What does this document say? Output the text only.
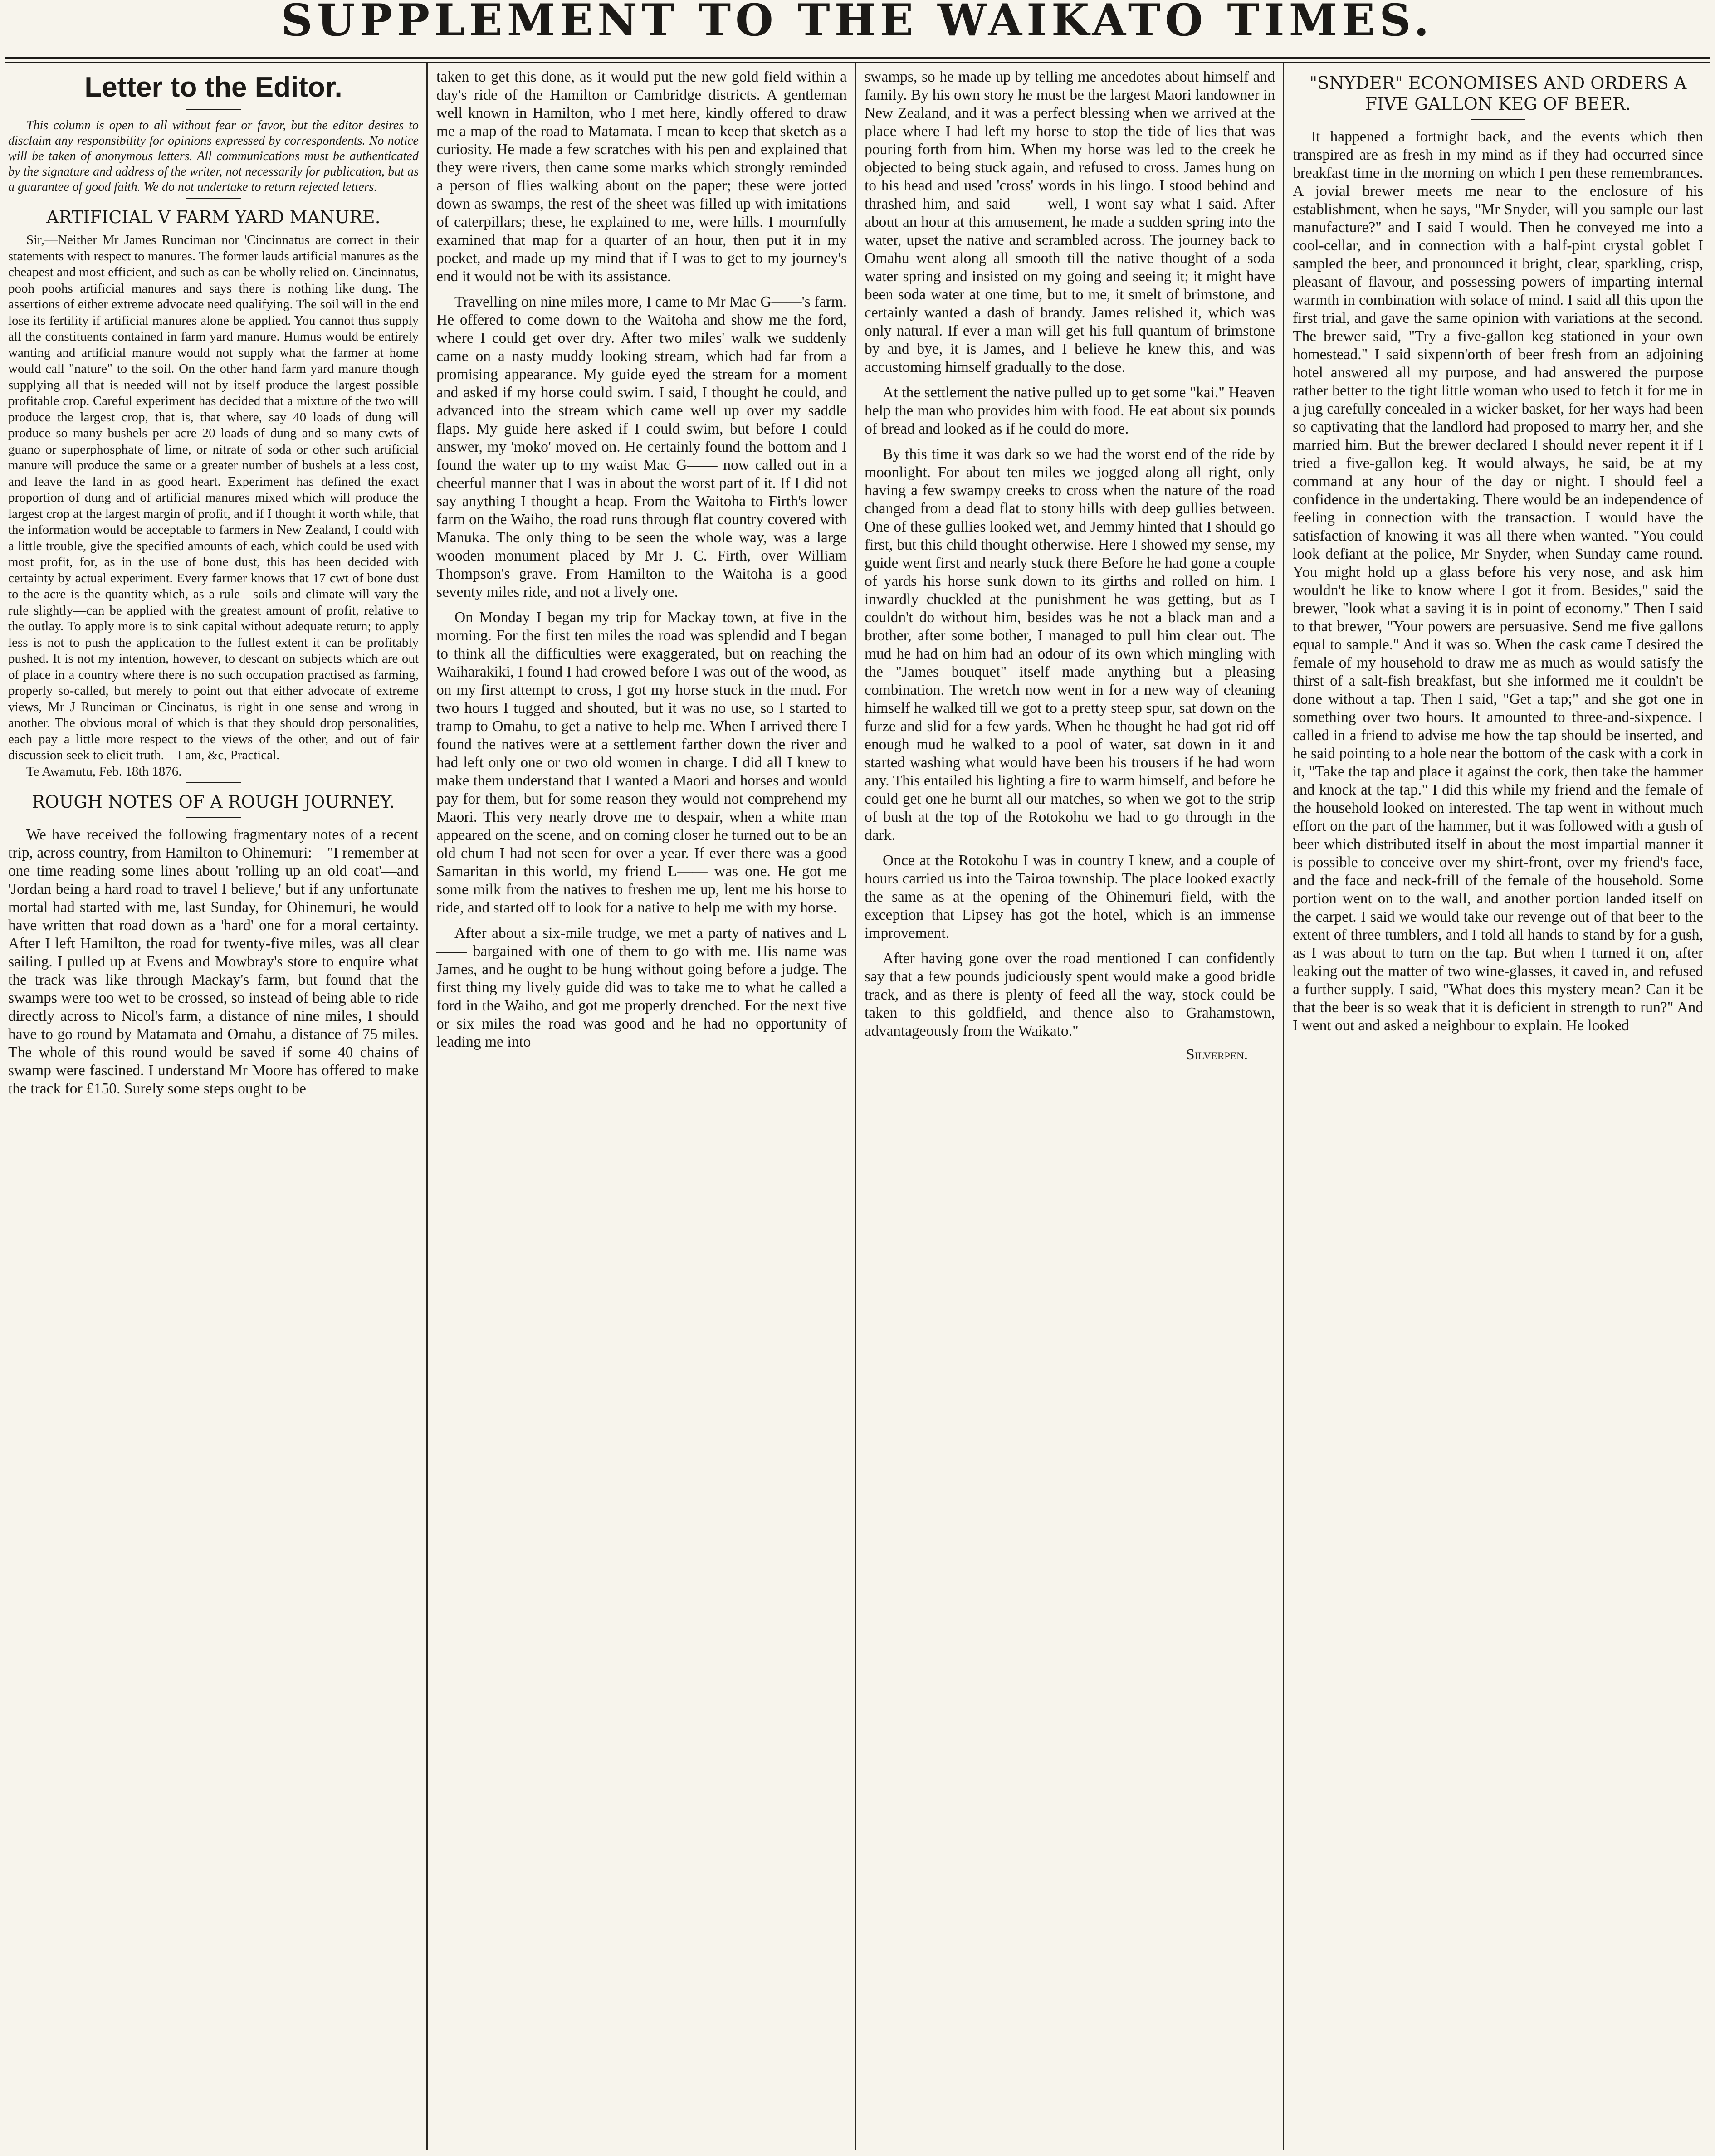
SUPPLEMENT TO THE WAIKATO TIMES.
Letter to the Editor.

This column is open to all without fear or favor, but the editor desires to disclaim any responsibility for opinions expressed by correspondents. No notice will be taken of anonymous letters. All communications must be authenticated by the signature and address of the writer, not necessarily for publication, but as a guarantee of good faith. We do not undertake to return rejected letters.

ARTIFICIAL V FARM YARD MANURE.

Sir,—Neither Mr James Runciman nor 'Cincinnatus are correct in their statements with respect to manures. The former lauds artificial manures as the cheapest and most efficient, and such as can be wholly relied on. Cincinnatus, pooh poohs artificial manures and says there is nothing like dung. The assertions of either extreme advocate need qualifying. The soil will in the end lose its fertility if artificial manures alone be applied. You cannot thus supply all the constituents contained in farm yard manure. Humus would be entirely wanting and artificial manure would not supply what the farmer at home would call "nature" to the soil. On the other hand farm yard manure though supplying all that is needed will not by itself produce the largest possible profitable crop. Careful experiment has decided that a mixture of the two will produce the largest crop, that is, that where, say 40 loads of dung will produce so many bushels per acre 20 loads of dung and so many cwts of guano or superphosphate of lime, or nitrate of soda or other such artificial manure will produce the same or a greater number of bushels at a less cost, and leave the land in as good heart. Experiment has defined the exact proportion of dung and of artificial manures mixed which will produce the largest crop at the largest margin of profit, and if I thought it worth while, that the information would be acceptable to farmers in New Zealand, I could with a little trouble, give the specified amounts of each, which could be used with most profit, for, as in the use of bone dust, this has been decided with certainty by actual experiment. Every farmer knows that 17 cwt of bone dust to the acre is the quantity which, as a rule—soils and climate will vary the rule slightly—can be applied with the greatest amount of profit, relative to the outlay. To apply more is to sink capital without adequate return; to apply less is not to push the application to the fullest extent it can be profitably pushed. It is not my intention, however, to descant on subjects which are out of place in a country where there is no such occupation practised as farming, properly so-called, but merely to point out that either advocate of extreme views, Mr J Runciman or Cincinatus, is right in one sense and wrong in another. The obvious moral of which is that they should drop personalities, each pay a little more respect to the views of the other, and out of fair discussion seek to elicit truth.—I am, &c, Practical.

Te Awamutu, Feb. 18th 1876.

ROUGH NOTES OF A ROUGH JOURNEY.

We have received the following fragmentary notes of a recent trip, across country, from Hamilton to Ohinemuri:—"I remember at one time reading some lines about 'rolling up an old coat'—and 'Jordan being a hard road to travel I believe,' but if any unfortunate mortal had started with me, last Sunday, for Ohinemuri, he would have written that road down as a 'hard' one for a moral certainty. After I left Hamilton, the road for twenty-five miles, was all clear sailing. I pulled up at Evens and Mowbray's store to enquire what the track was like through Mackay's farm, but found that the swamps were too wet to be crossed, so instead of being able to ride directly across to Nicol's farm, a distance of nine miles, I should have to go round by Matamata and Omahu, a distance of 75 miles. The whole of this round would be saved if some 40 chains of swamp were fascined. I understand Mr Moore has offered to make the track for £150. Surely some steps ought to be

taken to get this done, as it would put the new gold field within a day's ride of the Hamilton or Cambridge districts. A gentleman well known in Hamilton, who I met here, kindly offered to draw me a map of the road to Matamata. I mean to keep that sketch as a curiosity. He made a few scratches with his pen and explained that they were rivers, then came some marks which strongly reminded a person of flies walking about on the paper; these were jotted down as swamps, the rest of the sheet was filled up with imitations of caterpillars; these, he explained to me, were hills. I mournfully examined that map for a quarter of an hour, then put it in my pocket, and made up my mind that if I was to get to my journey's end it would not be with its assistance.

Travelling on nine miles more, I came to Mr Mac G——'s farm. He offered to come down to the Waitoha and show me the ford, where I could get over dry. After two miles' walk we suddenly came on a nasty muddy looking stream, which had far from a promising appearance. My guide eyed the stream for a moment and asked if my horse could swim. I said, I thought he could, and advanced into the stream which came well up over my saddle flaps. My guide here asked if I could swim, but before I could answer, my 'moko' moved on. He certainly found the bottom and I found the water up to my waist Mac G—— now called out in a cheerful manner that I was in about the worst part of it. If I did not say anything I thought a heap. From the Waitoha to Firth's lower farm on the Waiho, the road runs through flat country covered with Manuka. The only thing to be seen the whole way, was a large wooden monument placed by Mr J. C. Firth, over William Thompson's grave. From Hamilton to the Waitoha is a good seventy miles ride, and not a lively one.

On Monday I began my trip for Mackay town, at five in the morning. For the first ten miles the road was splendid and I began to think all the difficulties were exaggerated, but on reaching the Waiharakiki, I found I had crowed before I was out of the wood, as on my first attempt to cross, I got my horse stuck in the mud. For two hours I tugged and shouted, but it was no use, so I started to tramp to Omahu, to get a native to help me. When I arrived there I found the natives were at a settlement farther down the river and had left only one or two old women in charge. I did all I knew to make them understand that I wanted a Maori and horses and would pay for them, but for some reason they would not comprehend my Maori. This very nearly drove me to despair, when a white man appeared on the scene, and on coming closer he turned out to be an old chum I had not seen for over a year. If ever there was a good Samaritan in this world, my friend L—— was one. He got me some milk from the natives to freshen me up, lent me his horse to ride, and started off to look for a native to help me with my horse.

After about a six-mile trudge, we met a party of natives and L—— bargained with one of them to go with me. His name was James, and he ought to be hung without going before a judge. The first thing my lively guide did was to take me to what he called a ford in the Waiho, and got me properly drenched. For the next five or six miles the road was good and he had no opportunity of leading me into

swamps, so he made up by telling me ancedotes about himself and family. By his own story he must be the largest Maori landowner in New Zealand, and it was a perfect blessing when we arrived at the place where I had left my horse to stop the tide of lies that was pouring forth from him. When my horse was led to the creek he objected to being stuck again, and refused to cross. James hung on to his head and used 'cross' words in his lingo. I stood behind and thrashed him, and said ——well, I wont say what I said. After about an hour at this amusement, he made a sudden spring into the water, upset the native and scrambled across. The journey back to Omahu went along all smooth till the native thought of a soda water spring and insisted on my going and seeing it; it might have been soda water at one time, but to me, it smelt of brimstone, and certainly wanted a dash of brandy. James relished it, which was only natural. If ever a man will get his full quantum of brimstone by and bye, it is James, and I believe he knew this, and was accustoming himself gradually to the dose.

At the settlement the native pulled up to get some "kai." Heaven help the man who provides him with food. He eat about six pounds of bread and looked as if he could do more.

By this time it was dark so we had the worst end of the ride by moonlight. For about ten miles we jogged along all right, only having a few swampy creeks to cross when the nature of the road changed from a dead flat to stony hills with deep gullies between. One of these gullies looked wet, and Jemmy hinted that I should go first, but this child thought otherwise. Here I showed my sense, my guide went first and nearly stuck there Before he had gone a couple of yards his horse sunk down to its girths and rolled on him. I inwardly chuckled at the punishment he was getting, but as I couldn't do without him, besides was he not a black man and a brother, after some bother, I managed to pull him clear out. The mud he had on him had an odour of its own which mingling with the "James bouquet" itself made anything but a pleasing combination. The wretch now went in for a new way of cleaning himself he walked till we got to a pretty steep spur, sat down on the furze and slid for a few yards. When he thought he had got rid off enough mud he walked to a pool of water, sat down in it and started washing what would have been his trousers if he had worn any. This entailed his lighting a fire to warm himself, and before he could get one he burnt all our matches, so when we got to the strip of bush at the top of the Rotokohu we had to go through in the dark.

Once at the Rotokohu I was in country I knew, and a couple of hours carried us into the Tairoa township. The place looked exactly the same as at the opening of the Ohinemuri field, with the exception that Lipsey has got the hotel, which is an immense improvement.

After having gone over the road mentioned I can confidently say that a few pounds judiciously spent would make a good bridle track, and as there is plenty of feed all the way, stock could be taken to this goldfield, and thence also to Grahamstown, advantageously from the Waikato."

Silverpen.
"SNYDER" ECONOMISES AND ORDERS A FIVE GALLON KEG OF BEER.

It happened a fortnight back, and the events which then transpired are as fresh in my mind as if they had occurred since breakfast time in the morning on which I pen these remembrances. A jovial brewer meets me near to the enclosure of his establishment, when he says, "Mr Snyder, will you sample our last manufacture?" and I said I would. Then he conveyed me into a cool-cellar, and in connection with a half-pint crystal goblet I sampled the beer, and pronounced it bright, clear, sparkling, crisp, pleasant of flavour, and possessing powers of imparting internal warmth in combination with solace of mind. I said all this upon the first trial, and gave the same opinion with variations at the second. The brewer said, "Try a five-gallon keg stationed in your own homestead." I said sixpenn'orth of beer fresh from an adjoining hotel answered all my purpose, and had answered the purpose rather better to the tight little woman who used to fetch it for me in a jug carefully concealed in a wicker basket, for her ways had been so captivating that the landlord had proposed to marry her, and she married him. But the brewer declared I should never repent it if I tried a five-gallon keg. It would always, he said, be at my command at any hour of the day or night. I should feel a confidence in the undertaking. There would be an independence of feeling in connection with the transaction. I would have the satisfaction of knowing it was all there when wanted. "You could look defiant at the police, Mr Snyder, when Sunday came round. You might hold up a glass before his very nose, and ask him wouldn't he like to know where I got it from. Besides," said the brewer, "look what a saving it is in point of economy." Then I said to that brewer, "Your powers are persuasive. Send me five gallons equal to sample." And it was so. When the cask came I desired the female of my household to draw me as much as would satisfy the thirst of a salt-fish breakfast, but she informed me it couldn't be done without a tap. Then I said, "Get a tap;" and she got one in something over two hours. It amounted to three-and-sixpence. I called in a friend to advise me how the tap should be inserted, and he said pointing to a hole near the bottom of the cask with a cork in it, "Take the tap and place it against the cork, then take the hammer and knock at the tap." I did this while my friend and the female of the household looked on interested. The tap went in without much effort on the part of the hammer, but it was followed with a gush of beer which distributed itself in about the most impartial manner it is possible to conceive over my shirt-front, over my friend's face, and the face and neck-frill of the female of the household. Some portion went on to the wall, and another portion landed itself on the carpet. I said we would take our revenge out of that beer to the extent of three tumblers, and I told all hands to stand by for a gush, as I was about to turn on the tap. But when I turned it on, after leaking out the matter of two wine-glasses, it caved in, and refused a further supply. I said, "What does this mystery mean? Can it be that the beer is so weak that it is deficient in strength to run?" And I went out and asked a neighbour to explain. He looked
